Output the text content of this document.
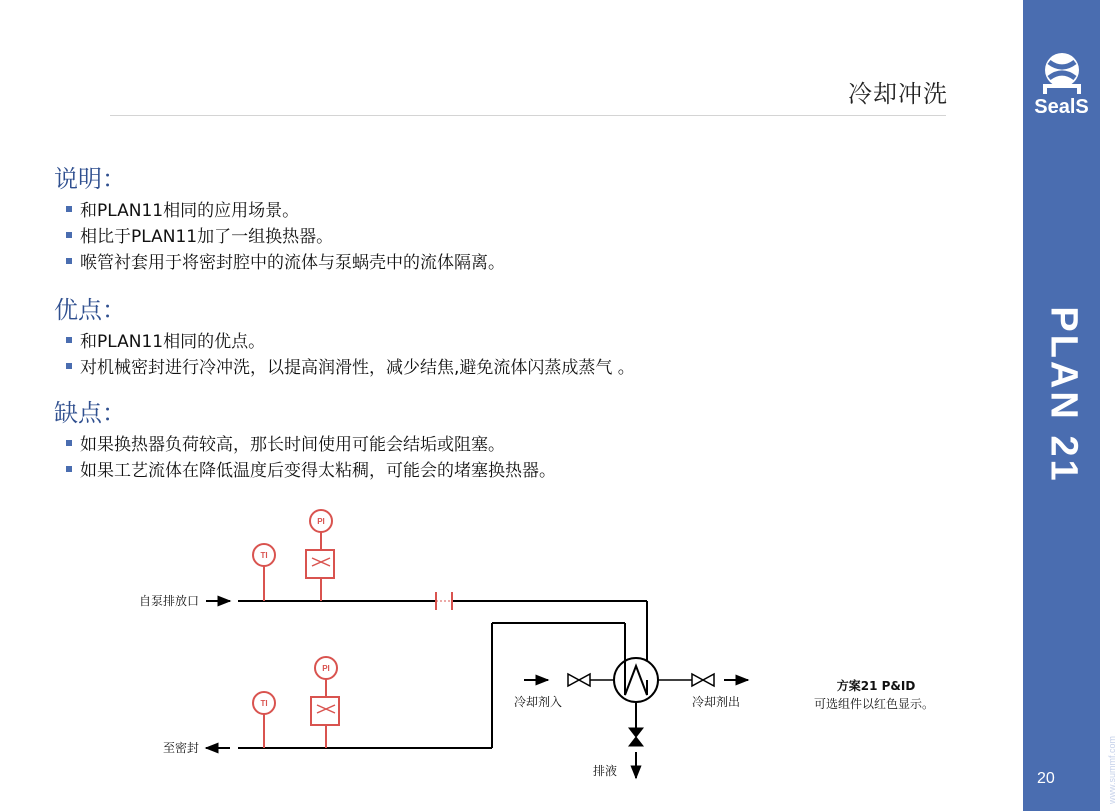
冷却冲洗	SealS
PLAN 21
www.summf.com
20
说明：
和PLAN11相同的应用场景。
相比于PLAN11加了一组换热器。
喉管衬套用于将密封腔中的流体与泵蜗壳中的流体隔离。
优点：
和PLAN11相同的优点。
对机械密封进行冷冲洗，以提高润滑性，减少结焦,避免流体闪蒸成蒸气 。
缺点：
如果换热器负荷较高，那长时间使用可能会结垢或阻塞。
如果工艺流体在降低温度后变得太粘稠，可能会的堵塞换热器。
自泵排放口
至密封
TI
PI
TI
PI
冷却剂入	冷却剂出
排液
方案21 P&ID
可选组件以红色显示。
